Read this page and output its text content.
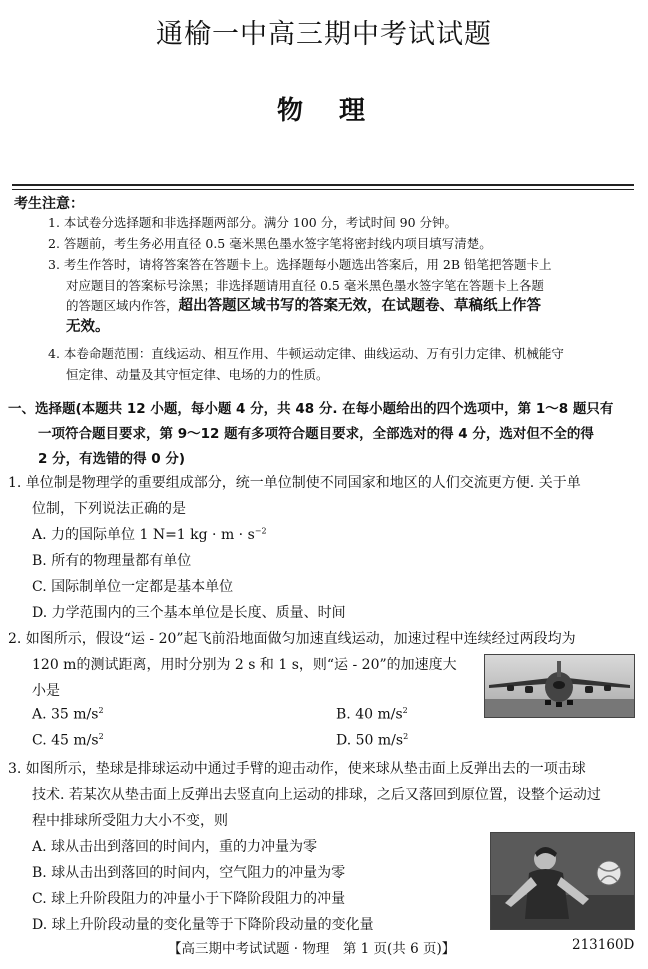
通榆一中高三期中考试试题
物理
考生注意：
1. 本试卷分选择题和非选择题两部分。满分 100 分，考试时间 90 分钟。
2. 答题前，考生务必用直径 0.5 毫米黑色墨水签字笔将密封线内项目填写清楚。
3. 考生作答时，请将答案答在答题卡上。选择题每小题选出答案后，用 2B 铅笔把答题卡上
对应题目的答案标号涂黑；非选择题请用直径 0.5 毫米黑色墨水签字笔在答题卡上各题
的答题区域内作答，超出答题区域书写的答案无效，在试题卷、草稿纸上作答
无效。
4. 本卷命题范围：直线运动、相互作用、牛顿运动定律、曲线运动、万有引力定律、机械能守
恒定律、动量及其守恒定律、电场的力的性质。
一、选择题(本题共 12 小题，每小题 4 分，共 48 分. 在每小题给出的四个选项中，第 1～8 题只有
一项符合题目要求，第 9～12 题有多项符合题目要求，全部选对的得 4 分，选对但不全的得
2 分，有选错的得 0 分)
1. 单位制是物理学的重要组成部分，统一单位制使不同国家和地区的人们交流更方便. 关于单
位制，下列说法正确的是
A. 力的国际单位 1 N=1 kg · $m \cdot s^{-2}$
B. 所有的物理量都有单位
C. 国际制单位一定都是基本单位
D. 力学范围内的三个基本单位是长度、质量、时间
2. 如图所示，假设“运 - 20”起飞前沿地面做匀加速直线运动，加速过程中连续经过两段均为
120 m的测试距离，用时分别为 2 s 和 1 s，则“运 - 20”的加速度大
小是
A. 35 $m/s^2$	B. 40 $m/s^2$
C. 45 $m/s^2$	D. 50 $m/s^2$
3. 如图所示，垫球是排球运动中通过手臂的迎击动作，使来球从垫击面上反弹出去的一项击球
技术. 若某次从垫击面上反弹出去竖直向上运动的排球，之后又落回到原位置，设整个运动过
程中排球所受阻力大小不变，则
A. 球从击出到落回的时间内，重的力冲量为零
B. 球从击出到落回的时间内，空气阻力的冲量为零
C. 球上升阶段阻力的冲量小于下降阶段阻力的冲量
D. 球上升阶段动量的变化量等于下降阶段动量的变化量
【高三期中考试试题 · 物理　第 1 页(共 6 页)】	213160D
